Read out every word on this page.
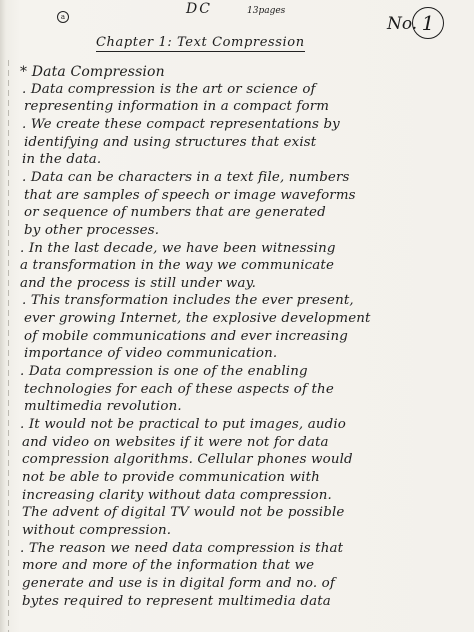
a	DC	13pages
Chapter 1: Text Compression
No. 1
* Data Compression
. Data compression is the art or science of
representing information in a compact form
. We create these compact representations by
identifying and using structures that exist
in the data.
. Data can be characters in a text file, numbers
that are samples of speech or image waveforms
or sequence of numbers that are generated
by other processes.
. In the last decade, we have been witnessing
a transformation in the way we communicate
and the process is still under way.
. This transformation includes the ever present,
ever growing Internet, the explosive development
of mobile communications and ever increasing
importance of video communication.
. Data compression is one of the enabling
technologies for each of these aspects of the
multimedia revolution.
. It would not be practical to put images, audio
and video on websites if it were not for data
compression algorithms. Cellular phones would
not be able to provide communication with
increasing clarity without data compression.
The advent of digital TV would not be possible
without compression.
. The reason we need data compression is that
more and more of the information that we
generate and use is in digital form and no. of
bytes required to represent multimedia data
